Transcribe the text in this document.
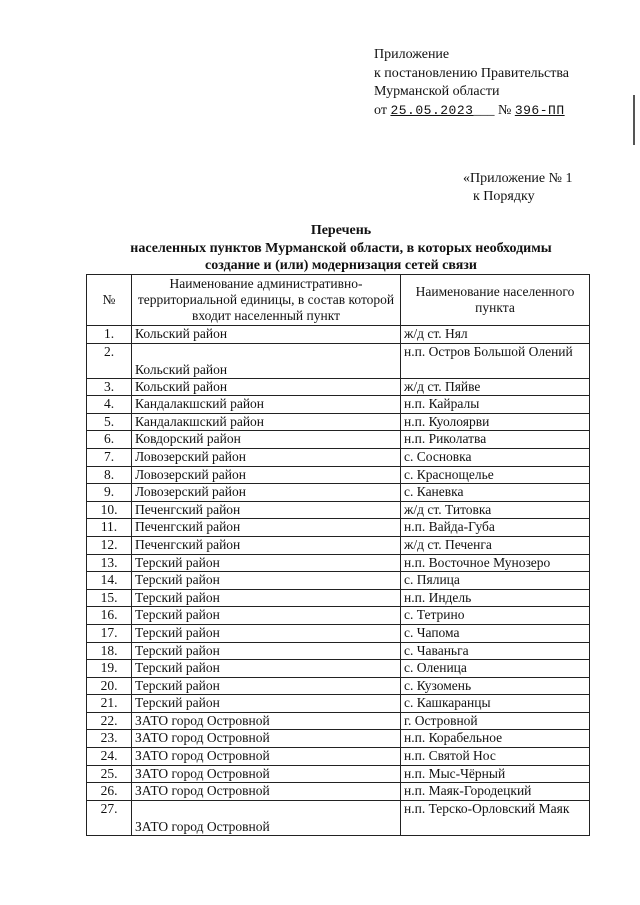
Приложение
к постановлению Правительства
Мурманской области
от 25.05.2023___ № 396-ПП
«Приложение № 1
к Порядку
Перечень
населенных пунктов Мурманской области, в которых необходимы
создание и (или) модернизация сетей связи
№	Наименование административно-территориальной единицы, в состав которой входит населенный пункт	Наименование населенного пункта
1.	Кольский район	ж/д ст. Нял
2.	Кольский район	н.п. Остров Большой Олений
3.	Кольский район	ж/д ст. Пяйве
4.	Кандалакшский район	н.п. Кайралы
5.	Кандалакшский район	н.п. Куолоярви
6.	Ковдорский район	н.п. Риколатва
7.	Ловозерский район	с. Сосновка
8.	Ловозерский район	с. Краснощелье
9.	Ловозерский район	с. Каневка
10.	Печенгский район	ж/д ст. Титовка
11.	Печенгский район	н.п. Вайда-Губа
12.	Печенгский район	ж/д ст. Печенга
13.	Терский район	н.п. Восточное Мунозеро
14.	Терский район	с. Пялица
15.	Терский район	н.п. Индель
16.	Терский район	с. Тетрино
17.	Терский район	с. Чапома
18.	Терский район	с. Чаваньга
19.	Терский район	с. Оленица
20.	Терский район	с. Кузомень
21.	Терский район	с. Кашкаранцы
22.	ЗАТО город Островной	г. Островной
23.	ЗАТО город Островной	н.п. Корабельное
24.	ЗАТО город Островной	н.п. Святой Нос
25.	ЗАТО город Островной	н.п. Мыс-Чёрный
26.	ЗАТО город Островной	н.п. Маяк-Городецкий
27.	ЗАТО город Островной	н.п. Терско-Орловский Маяк
